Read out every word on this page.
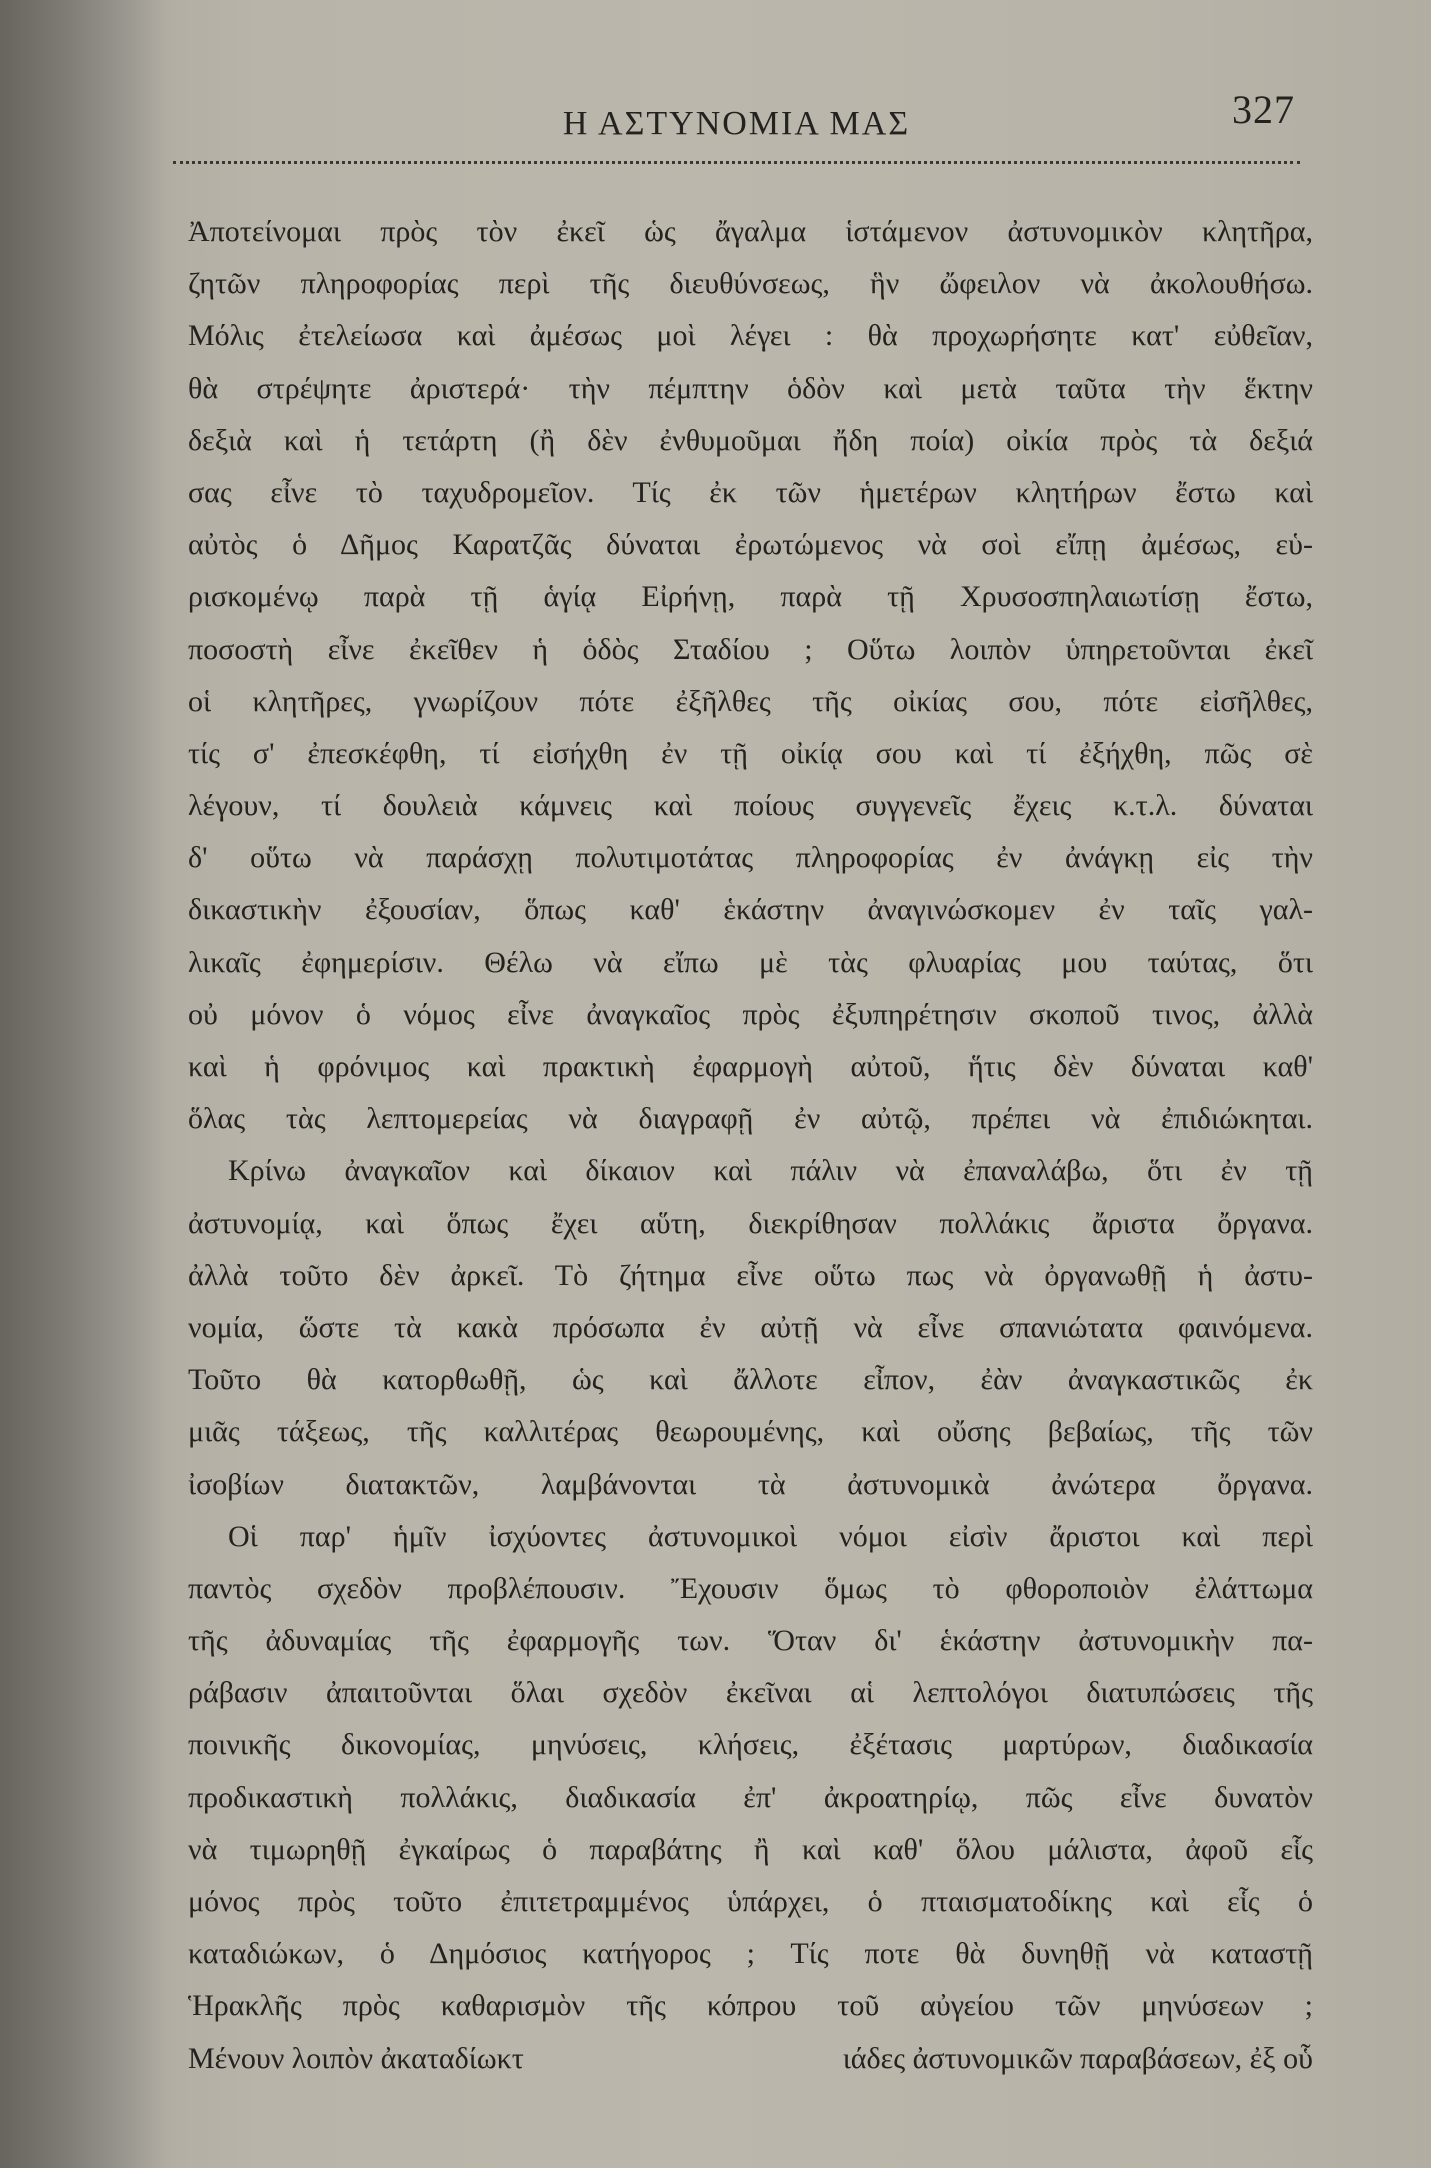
Η ΑΣΤΥΝΟΜΙΑ ΜΑΣ	327
Ἀποτείνομαι πρὸς τὸν ἐκεῖ ὡς ἄγαλμα ἱστάμενον ἀστυνομικὸν κλητῆρα,
ζητῶν πληροφορίας περὶ τῆς διευθύνσεως, ἣν ὤφειλον νὰ ἀκολουθήσω.
Μόλις ἐτελείωσα καὶ ἀμέσως μοὶ λέγει : θὰ προχωρήσητε κατ' εὐθεῖαν,
θὰ στρέψητε ἀριστερά· τὴν πέμπτην ὁδὸν καὶ μετὰ ταῦτα τὴν ἕκτην
δεξιὰ καὶ ἡ τετάρτη (ἢ δὲν ἐνθυμοῦμαι ἤδη ποία) οἰκία πρὸς τὰ δεξιά
σας εἶνε τὸ ταχυδρομεῖον. Τίς ἐκ τῶν ἡμετέρων κλητήρων ἔστω καὶ
αὐτὸς ὁ Δῆμος Καρατζᾶς δύναται ἐρωτώμενος νὰ σοὶ εἴπῃ ἀμέσως, εὑ-
ρισκομένῳ παρὰ τῇ ἁγίᾳ Εἰρήνῃ, παρὰ τῇ Χρυσοσπηλαιωτίσῃ ἔστω,
ποσοστὴ εἶνε ἐκεῖθεν ἡ ὁδὸς Σταδίου ; Οὕτω λοιπὸν ὑπηρετοῦνται ἐκεῖ
οἱ κλητῆρες, γνωρίζουν πότε ἐξῆλθες τῆς οἰκίας σου, πότε εἰσῆλθες,
τίς σ' ἐπεσκέφθη, τί εἰσήχθη ἐν τῇ οἰκίᾳ σου καὶ τί ἐξήχθη, πῶς σὲ
λέγουν, τί δουλειὰ κάμνεις καὶ ποίους συγγενεῖς ἔχεις κ.τ.λ. δύναται
δ' οὕτω νὰ παράσχῃ πολυτιμοτάτας πληροφορίας ἐν ἀνάγκῃ εἰς τὴν
δικαστικὴν ἐξουσίαν, ὅπως καθ' ἑκάστην ἀναγινώσκομεν ἐν ταῖς γαλ-
λικαῖς ἐφημερίσιν. Θέλω νὰ εἴπω μὲ τὰς φλυαρίας μου ταύτας, ὅτι
οὐ μόνον ὁ νόμος εἶνε ἀναγκαῖος πρὸς ἐξυπηρέτησιν σκοποῦ τινος, ἀλλὰ
καὶ ἡ φρόνιμος καὶ πρακτικὴ ἐφαρμογὴ αὐτοῦ, ἥτις δὲν δύναται καθ'
ὅλας τὰς λεπτομερείας νὰ διαγραφῇ ἐν αὐτῷ, πρέπει νὰ ἐπιδιώκηται.
Κρίνω ἀναγκαῖον καὶ δίκαιον καὶ πάλιν νὰ ἐπαναλάβω, ὅτι ἐν τῇ
ἀστυνομίᾳ, καὶ ὅπως ἔχει αὕτη, διεκρίθησαν πολλάκις ἄριστα ὄργανα.
ἀλλὰ τοῦτο δὲν ἀρκεῖ. Τὸ ζήτημα εἶνε οὕτω πως νὰ ὀργανωθῇ ἡ ἀστυ-
νομία, ὥστε τὰ κακὰ πρόσωπα ἐν αὐτῇ νὰ εἶνε σπανιώτατα φαινόμενα.
Τοῦτο θὰ κατορθωθῇ, ὡς καὶ ἄλλοτε εἶπον, ἐὰν ἀναγκαστικῶς ἐκ
μιᾶς τάξεως, τῆς καλλιτέρας θεωρουμένης, καὶ οὔσης βεβαίως, τῆς τῶν
ἰσοβίων διατακτῶν, λαμβάνονται τὰ ἀστυνομικὰ ἀνώτερα ὄργανα.
Οἱ παρ' ἡμῖν ἰσχύοντες ἀστυνομικοὶ νόμοι εἰσὶν ἄριστοι καὶ περὶ
παντὸς σχεδὸν προβλέπουσιν. Ἔχουσιν ὅμως τὸ φθοροποιὸν ἐλάττωμα
τῆς ἀδυναμίας τῆς ἐφαρμογῆς των. Ὅταν δι' ἑκάστην ἀστυνομικὴν πα-
ράβασιν ἀπαιτοῦνται ὅλαι σχεδὸν ἐκεῖναι αἱ λεπτολόγοι διατυπώσεις τῆς
ποινικῆς δικονομίας, μηνύσεις, κλήσεις, ἐξέτασις μαρτύρων, διαδικασία
προδικαστικὴ πολλάκις, διαδικασία ἐπ' ἀκροατηρίῳ, πῶς εἶνε δυνατὸν
νὰ τιμωρηθῇ ἐγκαίρως ὁ παραβάτης ἢ καὶ καθ' ὅλου μάλιστα, ἀφοῦ εἷς
μόνος πρὸς τοῦτο ἐπιτετραμμένος ὑπάρχει, ὁ πταισματοδίκης καὶ εἷς ὁ
καταδιώκων, ὁ Δημόσιος κατήγορος ; Τίς ποτε θὰ δυνηθῇ νὰ καταστῇ
Ἡρακλῆς πρὸς καθαρισμὸν τῆς κόπρου τοῦ αὐγείου τῶν μηνύσεων ;
Μένουν λοιπὸν ἀκαταδίωκτ	ιάδες ἀστυνομικῶν παραβάσεων, ἐξ οὗ
